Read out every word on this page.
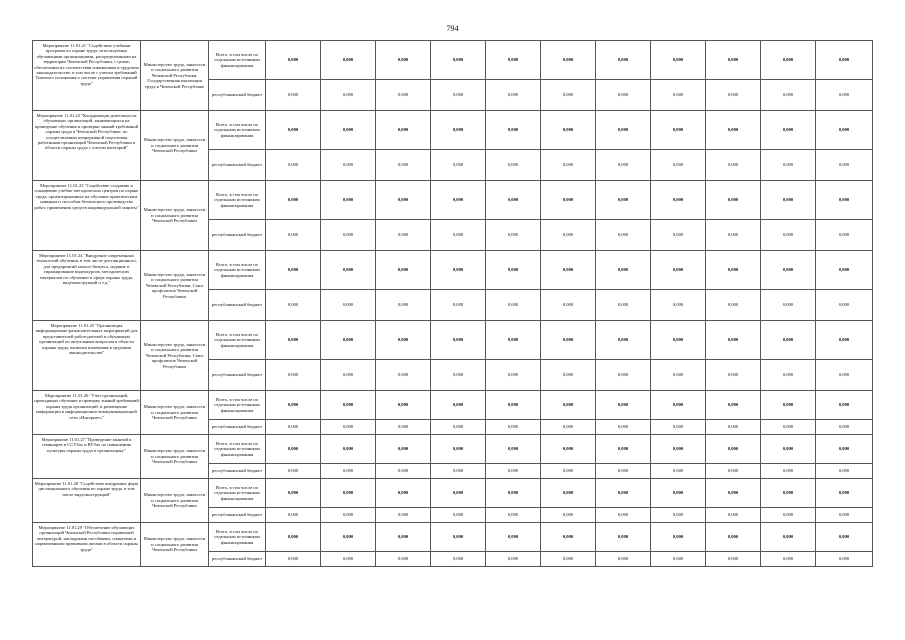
794
Мероприятие 11.01.21 "Содействие учебным программ по охране труда, используемых обучающими организациями, распределенными на территории Чеченской Республики, с целью обеспечения их соответствия изменениям в трудовом законодательстве, в том числе с учетом требований Типового положения о системе управления охраной труда"	Министерство труда, занятости и социального развития Чеченской Республики, Государственная инспекция труда в Чеченской Республике	Всего, в том числе по отдельным источникам финансирования	0,000	0,000	0,000	0,000	0,000	0,000	0,000	0,000	0,000	0,000	0,000
		республиканский бюджет	0,000	0,000	0,000	0,000	0,000	0,000	0,000	0,000	0,000	0,000	0,000
Мероприятие 11.01.22 "Координация деятельности обучающих организаций, занимающихся на проведение обучения и проверки знаний требований охраны труда в Чеченской Республике, по осуществлению непрерывной подготовки работников организаций Чеченской Республики в области охраны труда с учетом категорий"	Министерство труда, занятости и социального развития Чеченской Республики	Всего, в том числе по отдельным источникам финансирования	0,000	0,000	0,000	0,000	0,000	0,000	0,000	0,000	0,000	0,000	0,000
		республиканский бюджет	0,000	0,000	0,000	0,000	0,000	0,000	0,000	0,000	0,000	0,000	0,000
Мероприятие 11.01.23 "Содействие созданию и оснащению учебно-методических центров по охране труда, ориентированных на обучение практическим навыкам и способам безопасного производства работ, применения средств индивидуальной защиты"	Министерство труда, занятости и социального развития Чеченской Республики	Всего, в том числе по отдельным источникам финансирования	0,000	0,000	0,000	0,000	0,000	0,000	0,000	0,000	0,000	0,000	0,000
		республиканский бюджет	0,000	0,000	0,000	0,000	0,000	0,000	0,000	0,000	0,000	0,000	0,000
Мероприятие 11.01.24 "Внедрение современных технологий обучения, в том числе дистанционного, для предприятий малого бизнеса, издание и тиражирование видеокурсов, методических материалов по обучению в сфере охраны труда, видеоинструкций и т.д."	Министерство труда, занятости и социального развития Чеченской Республики, Союз профсоюзов Чеченской Республики	Всего, в том числе по отдельным источникам финансирования	0,000	0,000	0,000	0,000	0,000	0,000	0,000	0,000	0,000	0,000	0,000
		республиканский бюджет	0,000	0,000	0,000	0,000	0,000	0,000	0,000	0,000	0,000	0,000	0,000
Мероприятие 11.01.25 "Организация информационно-разъяснительных мероприятий для представителей работодателей и обучающих организаций по актуальным вопросам в области охраны труда, включая изменения в трудовом законодательстве"	Министерство труда, занятости и социального развития Чеченской Республики, Союз профсоюзов Чеченской Республики	Всего, в том числе по отдельным источникам финансирования	0,000	0,000	0,000	0,000	0,000	0,000	0,000	0,000	0,000	0,000	0,000
		республиканский бюджет	0,000	0,000	0,000	0,000	0,000	0,000	0,000	0,000	0,000	0,000	0,000
Мероприятие 11.01.26 "Учет организаций, проводящих обучение и проверку знаний требований охраны труда организаций, и размещение информации в информационно-коммуникационной сети «Интернет»"	Министерство труда, занятости и социального развития Чеченской Республики	Всего, в том числе по отдельным источникам финансирования	0,000	0,000	0,000	0,000	0,000	0,000	0,000	0,000	0,000	0,000	0,000
		республиканский бюджет	0,000	0,000	0,000	0,000	0,000	0,000	0,000	0,000	0,000	0,000	0,000
Мероприятие 11.01.27 "Проведение занятий и семинаров в ССУЗах и ВУЗах по повышению культуры охраны труда в организациях"	Министерство труда, занятости и социального развития Чеченской Республики	Всего, в том числе по отдельным источникам финансирования	0,000	0,000	0,000	0,000	0,000	0,000	0,000	0,000	0,000	0,000	0,000
		республиканский бюджет	0,000	0,000	0,000	0,000	0,000	0,000	0,000	0,000	0,000	0,000	0,000
Мероприятие 11.01.28 "Содействие внедрению форм дистанционного обучения по охране труда, в том числе видеоинструкций"	Министерство труда, занятости и социального развития Чеченской Республики	Всего, в том числе по отдельным источникам финансирования	0,000	0,000	0,000	0,000	0,000	0,000	0,000	0,000	0,000	0,000	0,000
		республиканский бюджет	0,000	0,000	0,000	0,000	0,000	0,000	0,000	0,000	0,000	0,000	0,000
Мероприятие 11.01.29 "Обеспечение обучающих организаций Чеченской Республики справочной литературой, наглядными пособиями, плакатами и нормативными правовыми актами в области охраны труда"	Министерство труда, занятости и социального развития Чеченской Республики	Всего, в том числе по отдельным источникам финансирования	0,000	0,000	0,000	0,000	0,000	0,000	0,000	0,000	0,000	0,000	0,000
		республиканский бюджет	0,000	0,000	0,000	0,000	0,000	0,000	0,000	0,000	0,000	0,000	0,000
